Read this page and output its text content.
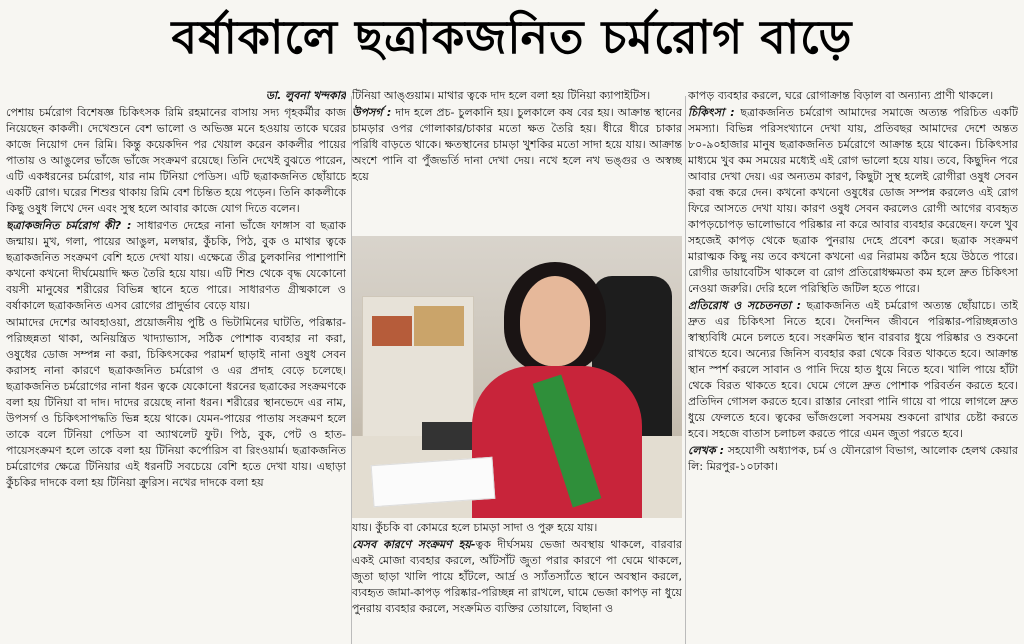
বর্ষাকালে ছত্রাকজনিত চর্মরোগ বাড়ে

ডা. লুবনা খন্দকার

পেশায় চর্মরোগ বিশেষজ্ঞ চিকিৎসক রিমি রহমানের বাসায় সদ্য গৃহকর্মীর কাজ নিয়েছেন কাকলী। দেখেশুনে বেশ ভালো ও অভিজ্ঞ মনে হওয়ায় তাকে ঘরের কাজে নিয়োগ দেন রিমি। কিন্তু কয়েকদিন পর খেয়াল করেন কাকলীর পায়ের পাতায় ও আঙুলের ভাঁজে ভাঁজে সংক্রমণ রয়েছে। তিনি দেখেই বুঝতে পারেন, এটি একধরনের চর্মরোগ, যার নাম টিনিয়া পেডিস। এটি ছত্রাকজনিত ছোঁয়াচে একটি রোগ। ঘরের শিশুর থাকায় রিমি বেশ চিন্তিত হয়ে পড়েন। তিনি কাকলীকে কিছু ওষুধ লিখে দেন এবং সুস্থ হলে আবার কাজে যোগ দিতে বলেন।

ছত্রাকজনিত চর্মরোগ কী? : সাধারণত দেহের নানা ভাঁজে ফাঙ্গাস বা ছত্রাক জন্মায়। মুখ, গলা, পায়ের আঙুল, মলদ্বার, কুঁচকি, পিঠ, বুক ও মাথার ত্বকে ছত্রাকজনিত সংক্রমণ বেশি হতে দেখা যায়। এক্ষেত্রে তীব্র চুলকানির পাশাপাশি কখনো কখনো দীর্ঘমেয়াদি ক্ষত তৈরি হয়ে যায়। এটি শিশু থেকে বৃদ্ধ যেকোনো বয়সী মানুষের শরীরের বিভিন্ন স্থানে হতে পারে। সাধারণত গ্রীষ্মকালে ও বর্ষাকালে ছত্রাকজনিত এসব রোগের প্রাদুর্ভাব বেড়ে যায়।

আমাদের দেশের আবহাওয়া, প্রয়োজনীয় পুষ্টি ও ভিটামিনের ঘাটতি, পরিষ্কার-পরিচ্ছন্নতা থাকা, অনিয়ন্ত্রিত খাদ্যাভ্যাস, সঠিক পোশাক ব্যবহার না করা, ওষুধের ডোজ সম্পন্ন না করা, চিকিৎসকের পরামর্শ ছাড়াই নানা ওষুধ সেবন করাসহ নানা কারণে ছত্রাকজনিত চর্মরোগ ও এর প্রদাহ বেড়ে চলেছে। ছত্রাকজনিত চর্মরোগের নানা ধরন ত্বকে যেকোনো ধরনের ছত্রাকের সংক্রমণকে বলা হয় টিনিয়া বা দাদ। দাদের রয়েছে নানা ধরন। শরীরের স্থানভেদে এর নাম, উপসর্গ ও চিকিৎসাপদ্ধতি ভিন্ন হয়ে থাকে। যেমন-পায়ের পাতায় সংক্রমণ হলে তাকে বলে টিনিয়া পেডিস বা অ্যাথলেট ফুট। পিঠ, বুক, পেট ও হাত-পায়েসংক্রমণ হলে তাকে বলা হয় টিনিয়া কর্পোরিস বা রিংওয়ার্ম। ছত্রাকজনিত চর্মরোগের ক্ষেত্রে টিনিয়ার এই ধরনটি সবচেয়ে বেশি হতে দেখা যায়। এছাড়া কুঁচকির দাদকে বলা হয় টিনিয়া ক্রুরিস। নখের দাদকে বলা হয়

টিনিয়া আঙ্গুয়াম। মাথার ত্বকে দাদ হলে বলা হয় টিনিয়া ক্যাপাইটিস।

উপসর্গ : দাদ হলে প্রচ- চুলকানি হয়। চুলকালে কষ বের হয়। আক্রান্ত স্থানের চামড়ার ওপর গোলাকার/চাকার মতো ক্ষত তৈরি হয়। ধীরে ধীরে চাকার পরিধি বাড়তে থাকে। ক্ষতস্থানের চামড়া খুশকির মতো সাদা হয়ে যায়। আক্রান্ত অংশে পানি বা পুঁজভর্তি দানা দেখা দেয়। নখে হলে নখ ভঙ্গুর ও অস্বচ্ছ হয়ে

যায়। কুঁচকি বা কোমরে হলে চামড়া সাদা ও পুরু হয়ে যায়।

যেসব কারণে সংক্রমণ হয়-ত্বক দীর্ঘসময় ভেজা অবস্থায় থাকলে, বারবার একই মোজা ব্যবহার করলে, আঁটসাঁট জুতা পরার কারণে পা ঘেমে থাকলে, জুতা ছাড়া খালি পায়ে হাঁটলে, আর্দ্র ও স্যাঁতস্যাঁতে স্থানে অবস্থান করলে, ব্যবহৃত জামা-কাপড় পরিষ্কার-পরিচ্ছন্ন না রাখলে, ঘামে ভেজা কাপড় না ধুয়ে পুনরায় ব্যবহার করলে, সংক্রমিত ব্যক্তির তোয়ালে, বিছানা ও

কাপড় ব্যবহার করলে, ঘরে রোগাক্রান্ত বিড়াল বা অন্যান্য প্রাণী থাকলে।

চিকিৎসা : ছত্রাকজনিত চর্মরোগ আমাদের সমাজে অত্যন্ত পরিচিত একটি সমস্যা। বিভিন্ন পরিসংখ্যানে দেখা যায়, প্রতিবছর আমাদের দেশে অন্তত ৮০-৯০হাজার মানুষ ছত্রাকজনিত চর্মরোগে আক্রান্ত হয়ে থাকেন। চিকিৎসার মাধ্যমে খুব কম সময়ের মধ্যেই এই রোগ ভালো হয়ে যায়। তবে, কিছুদিন পরে আবার দেখা দেয়। এর অন্যতম কারণ, কিছুটা সুস্থ হলেই রোগীরা ওষুধ সেবন করা বন্ধ করে দেন। কখনো কখনো ওষুধের ডোজ সম্পন্ন করলেও এই রোগ ফিরে আসতে দেখা যায়। কারণ ওষুধ সেবন করলেও রোগী আগের ব্যবহৃত কাপড়চোপড় ভালোভাবে পরিষ্কার না করে আবার ব্যবহার করেছেন। ফলে খুব সহজেই কাপড় থেকে ছত্রাক পুনরায় দেহে প্রবেশ করে। ছত্রাক সংক্রমণ মারাত্মক কিছু নয় তবে কখনো কখনো এর নিরাময় কঠিন হয়ে উঠতে পারে। রোগীর ডায়াবেটিস থাকলে বা রোগ প্রতিরোধক্ষমতা কম হলে দ্রুত চিকিৎসা নেওয়া জরুরি। দেরি হলে পরিস্থিতি জটিল হতে পারে।

প্রতিরোধ ও সচেতনতা : ছত্রাকজনিত এই চর্মরোগ অত্যন্ত ছোঁয়াচে। তাই দ্রুত এর চিকিৎসা নিতে হবে। দৈনন্দিন জীবনে পরিষ্কার-পরিচ্ছন্নতাও স্বাস্থ্যবিধি মেনে চলতে হবে। সংক্রমিত স্থান বারবার ধুয়ে পরিষ্কার ও শুকনো রাখতে হবে। অন্যের জিনিস ব্যবহার করা থেকে বিরত থাকতে হবে। আক্রান্ত স্থান স্পর্শ করলে সাবান ও পানি দিয়ে হাত ধুয়ে নিতে হবে। খালি পায়ে হাঁটা থেকে বিরত থাকতে হবে। ঘেমে গেলে দ্রুত পোশাক পরিবর্তন করতে হবে। প্রতিদিন গোসল করতে হবে। রাস্তার নোংরা পানি গায়ে বা পায়ে লাগলে দ্রুত ধুয়ে ফেলতে হবে। ত্বকের ভাঁজগুলো সবসময় শুকনো রাখার চেষ্টা করতে হবে। সহজে বাতাস চলাচল করতে পারে এমন জুতা পরতে হবে।

লেখক : সহযোগী অধ্যাপক, চর্ম ও যৌনরোগ বিভাগ, আলোক হেলথ কেয়ার লি: মিরপুর-১০ঢাকা।
